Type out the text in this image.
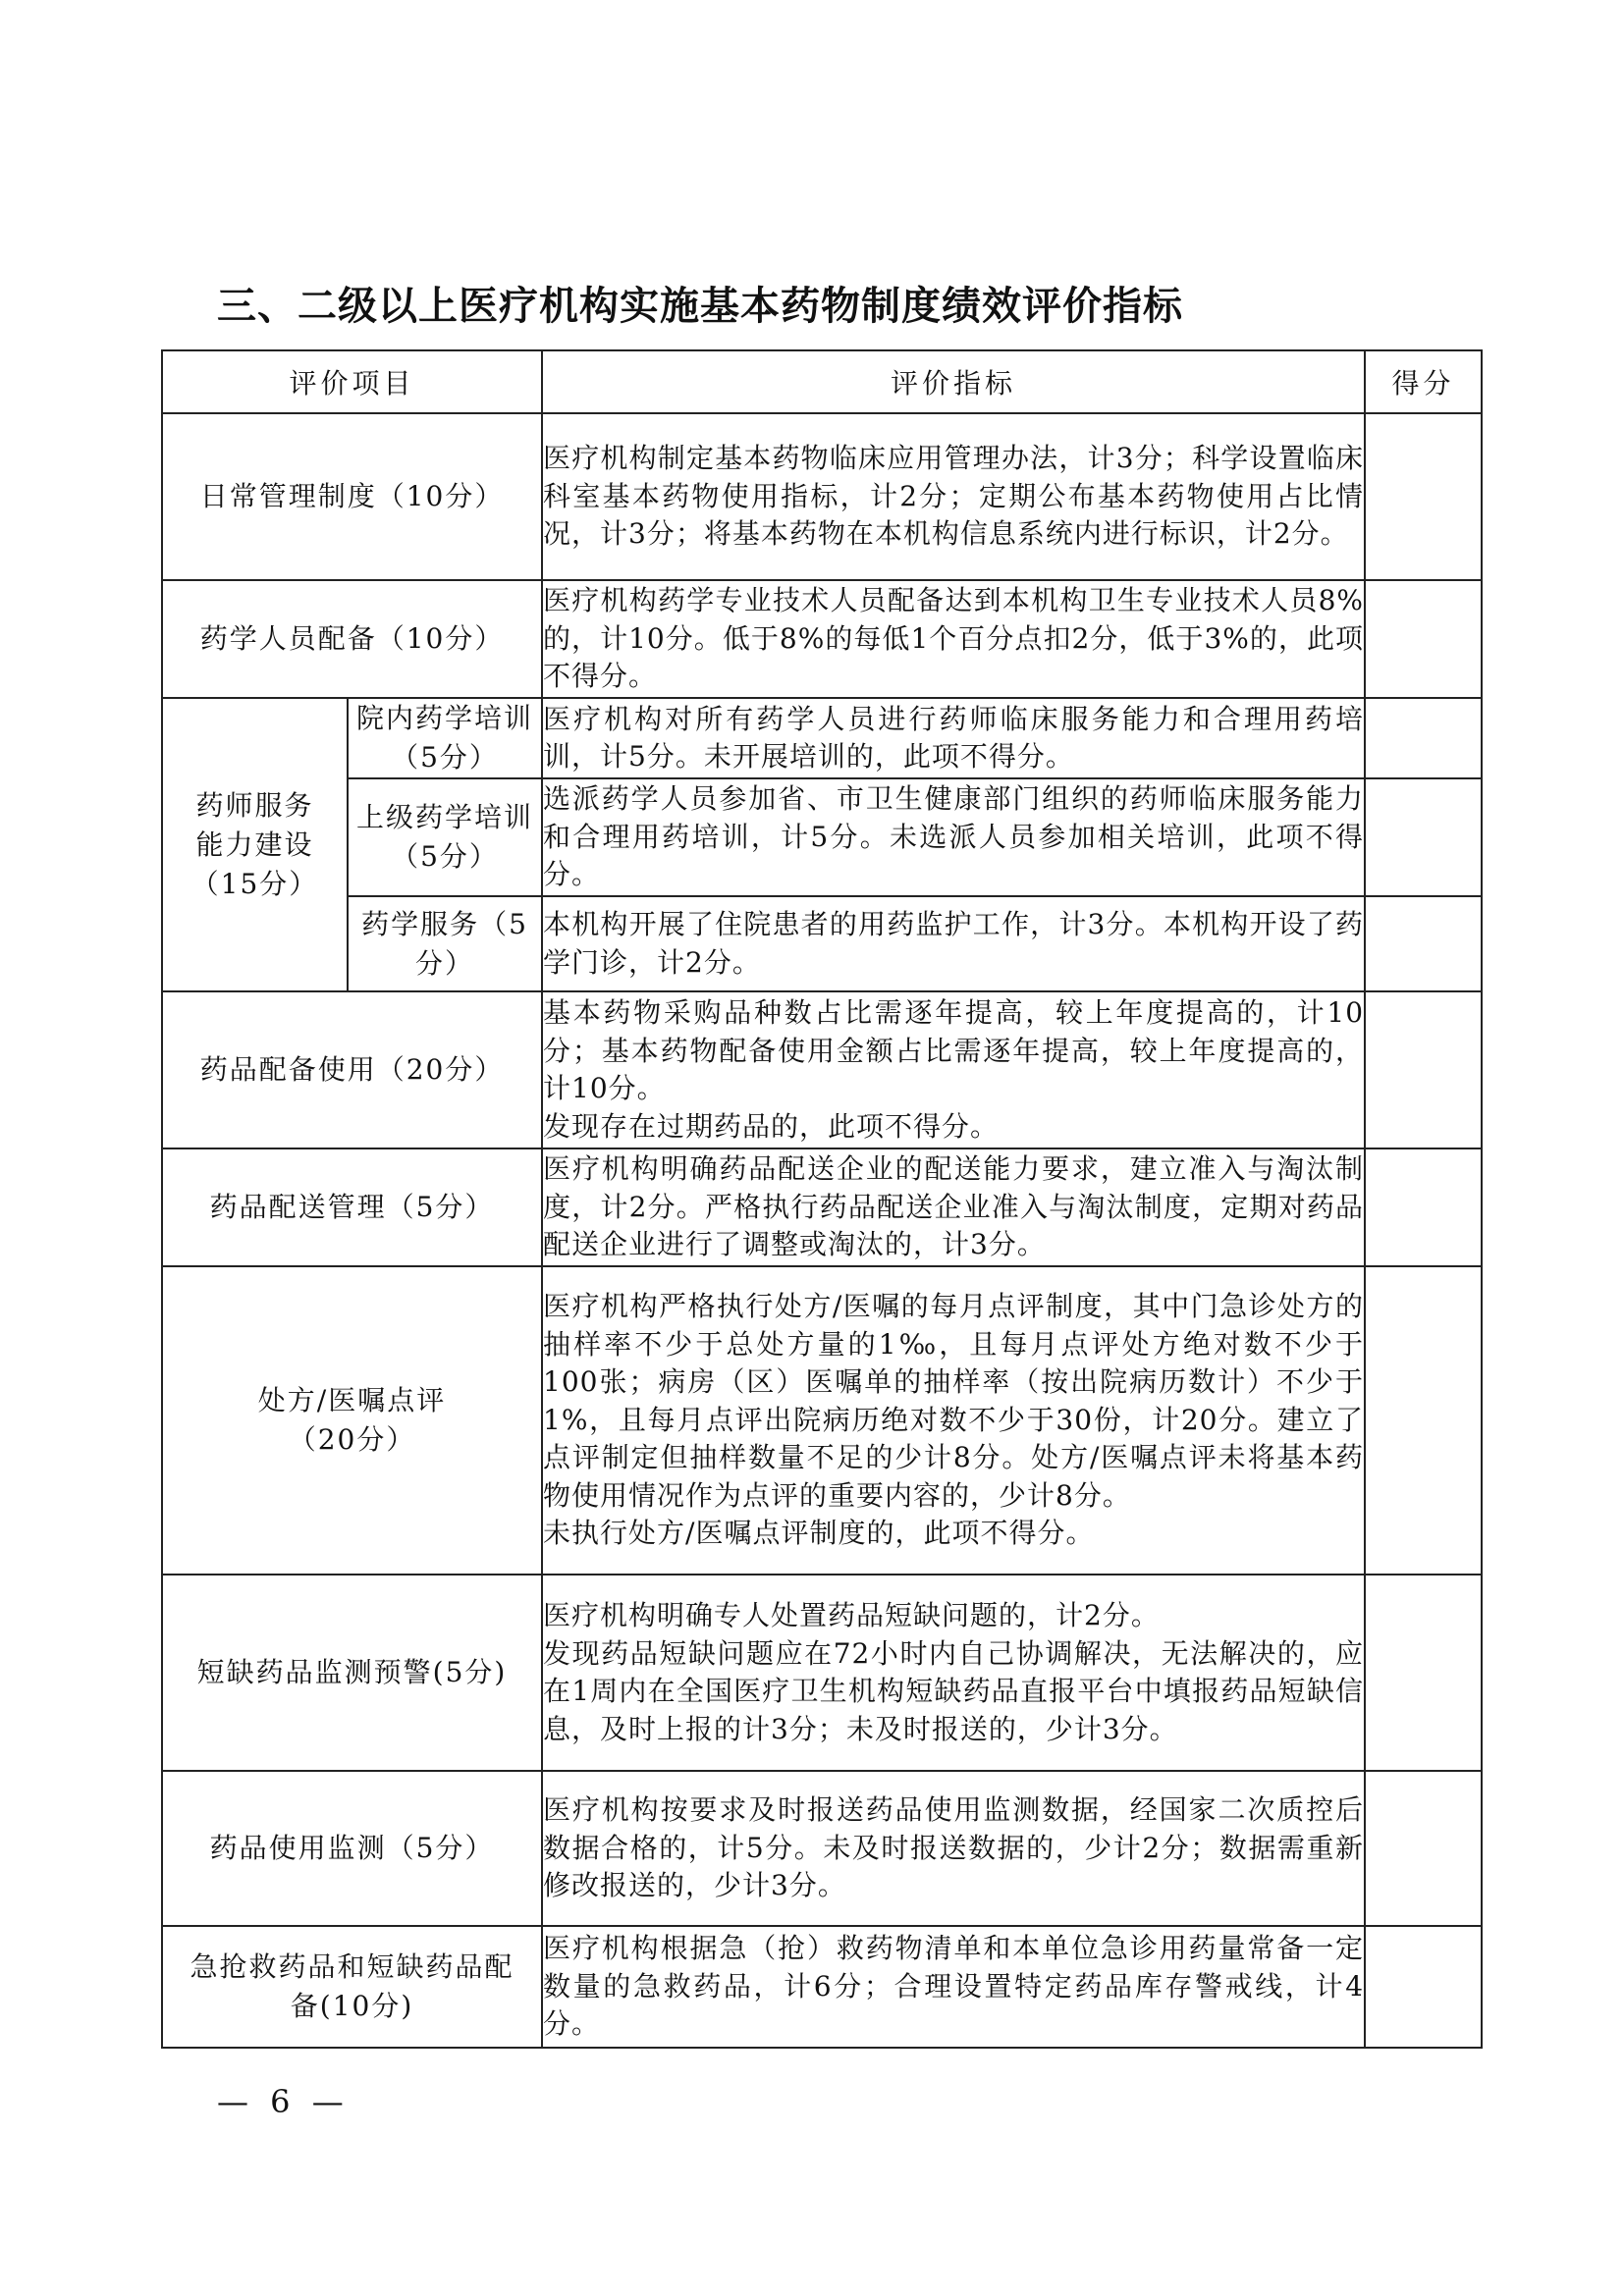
三、二级以上医疗机构实施基本药物制度绩效评价指标
评价项目		评价指标	得分
日常管理制度（10分）		医疗机构制定基本药物临床应用管理办法，计3分；科学设置临床科室基本药物使用指标，计2分；定期公布基本药物使用占比情况，计3分；将基本药物在本机构信息系统内进行标识，计2分。	
药学人员配备（10分）		医疗机构药学专业技术人员配备达到本机构卫生专业技术人员8%的，计10分。低于8%的每低1个百分点扣2分，低于3%的，此项不得分。	
药师服务能力建设（15分）	院内药学培训（5分）	医疗机构对所有药学人员进行药师临床服务能力和合理用药培训，计5分。未开展培训的，此项不得分。	
	上级药学培训（5分）	选派药学人员参加省、市卫生健康部门组织的药师临床服务能力和合理用药培训，计5分。未选派人员参加相关培训，此项不得分。	
	药学服务（5分）	本机构开展了住院患者的用药监护工作，计3分。本机构开设了药学门诊，计2分。	
药品配备使用（20分）		基本药物采购品种数占比需逐年提高，较上年度提高的，计10分；基本药物配备使用金额占比需逐年提高，较上年度提高的，计10分。
发现存在过期药品的，此项不得分。	

药品配送管理（5分）		医疗机构明确药品配送企业的配送能力要求，建立准入与淘汰制度，计2分。严格执行药品配送企业准入与淘汰制度，定期对药品配送企业进行了调整或淘汰的，计3分。	
处方/医嘱点评（20分）		医疗机构严格执行处方/医嘱的每月点评制度，其中门急诊处方的抽样率不少于总处方量的1‰，且每月点评处方绝对数不少于100张；病房（区）医嘱单的抽样率（按出院病历数计）不少于1%，且每月点评出院病历绝对数不少于30份，计20分。建立了点评制定但抽样数量不足的少计8分。处方/医嘱点评未将基本药物使用情况作为点评的重要内容的，少计8分。
未执行处方/医嘱点评制度的，此项不得分。	

短缺药品监测预警(5分)		医疗机构明确专人处置药品短缺问题的，计2分。
发现药品短缺问题应在72小时内自己协调解决，无法解决的，应在1周内在全国医疗卫生机构短缺药品直报平台中填报药品短缺信息，及时上报的计3分；未及时报送的，少计3分。	

药品使用监测（5分）		医疗机构按要求及时报送药品使用监测数据，经国家二次质控后数据合格的，计5分。未及时报送数据的，少计2分；数据需重新修改报送的，少计3分。	
急抢救药品和短缺药品配备(10分)		医疗机构根据急（抢）救药物清单和本单位急诊用药量常备一定数量的急救药品，计6分；合理设置特定药品库存警戒线，计4分。	
— 6 —
